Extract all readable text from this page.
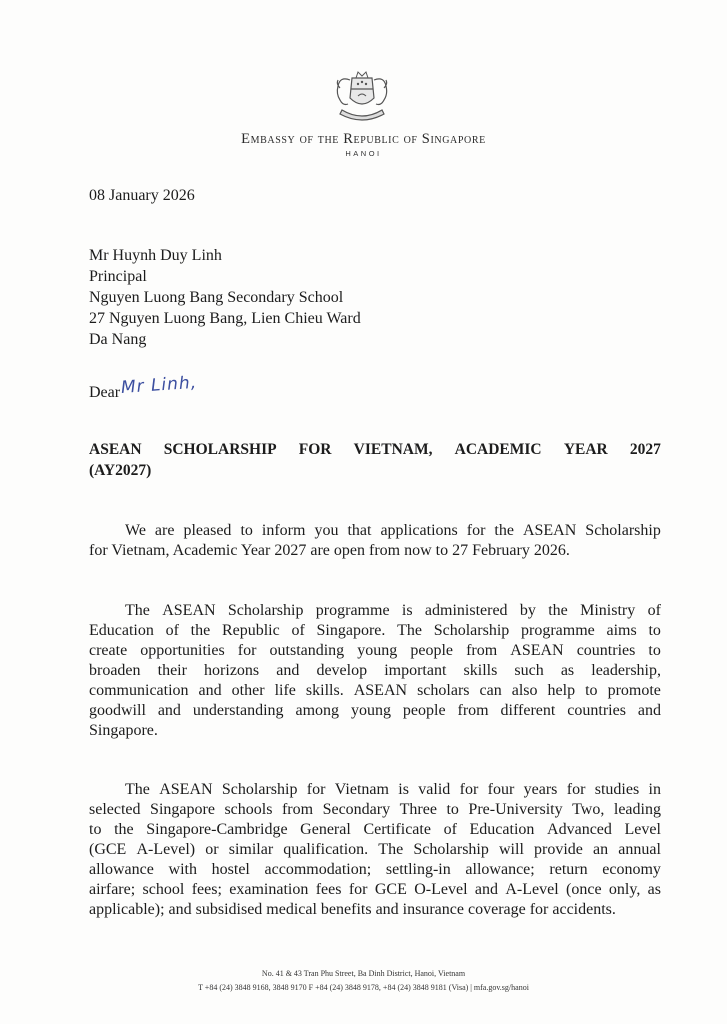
Embassy of the Republic of Singapore
HANOI
08 January 2026
Mr Huynh Duy Linh
Principal
Nguyen Luong Bang Secondary School
27 Nguyen Luong Bang, Lien Chieu Ward
Da Nang
Dear Mr Linh,
ASEAN SCHOLARSHIP FOR VIETNAM, ACADEMIC YEAR 2027
(AY2027)
We are pleased to inform you that applications for the ASEAN Scholarship
for Vietnam, Academic Year 2027 are open from now to 27 February 2026.
The ASEAN Scholarship programme is administered by the Ministry of
Education of the Republic of Singapore. The Scholarship programme aims to
create opportunities for outstanding young people from ASEAN countries to
broaden their horizons and develop important skills such as leadership,
communication and other life skills. ASEAN scholars can also help to promote
goodwill and understanding among young people from different countries and
Singapore.
The ASEAN Scholarship for Vietnam is valid for four years for studies in
selected Singapore schools from Secondary Three to Pre-University Two, leading
to the Singapore-Cambridge General Certificate of Education Advanced Level
(GCE A-Level) or similar qualification. The Scholarship will provide an annual
allowance with hostel accommodation; settling-in allowance; return economy
airfare; school fees; examination fees for GCE O-Level and A-Level (once only, as
applicable); and subsidised medical benefits and insurance coverage for accidents.
No. 41 & 43 Tran Phu Street, Ba Dinh District, Hanoi, Vietnam
T +84 (24) 3848 9168, 3848 9170 F +84 (24) 3848 9178, +84 (24) 3848 9181 (Visa) | mfa.gov.sg/hanoi
